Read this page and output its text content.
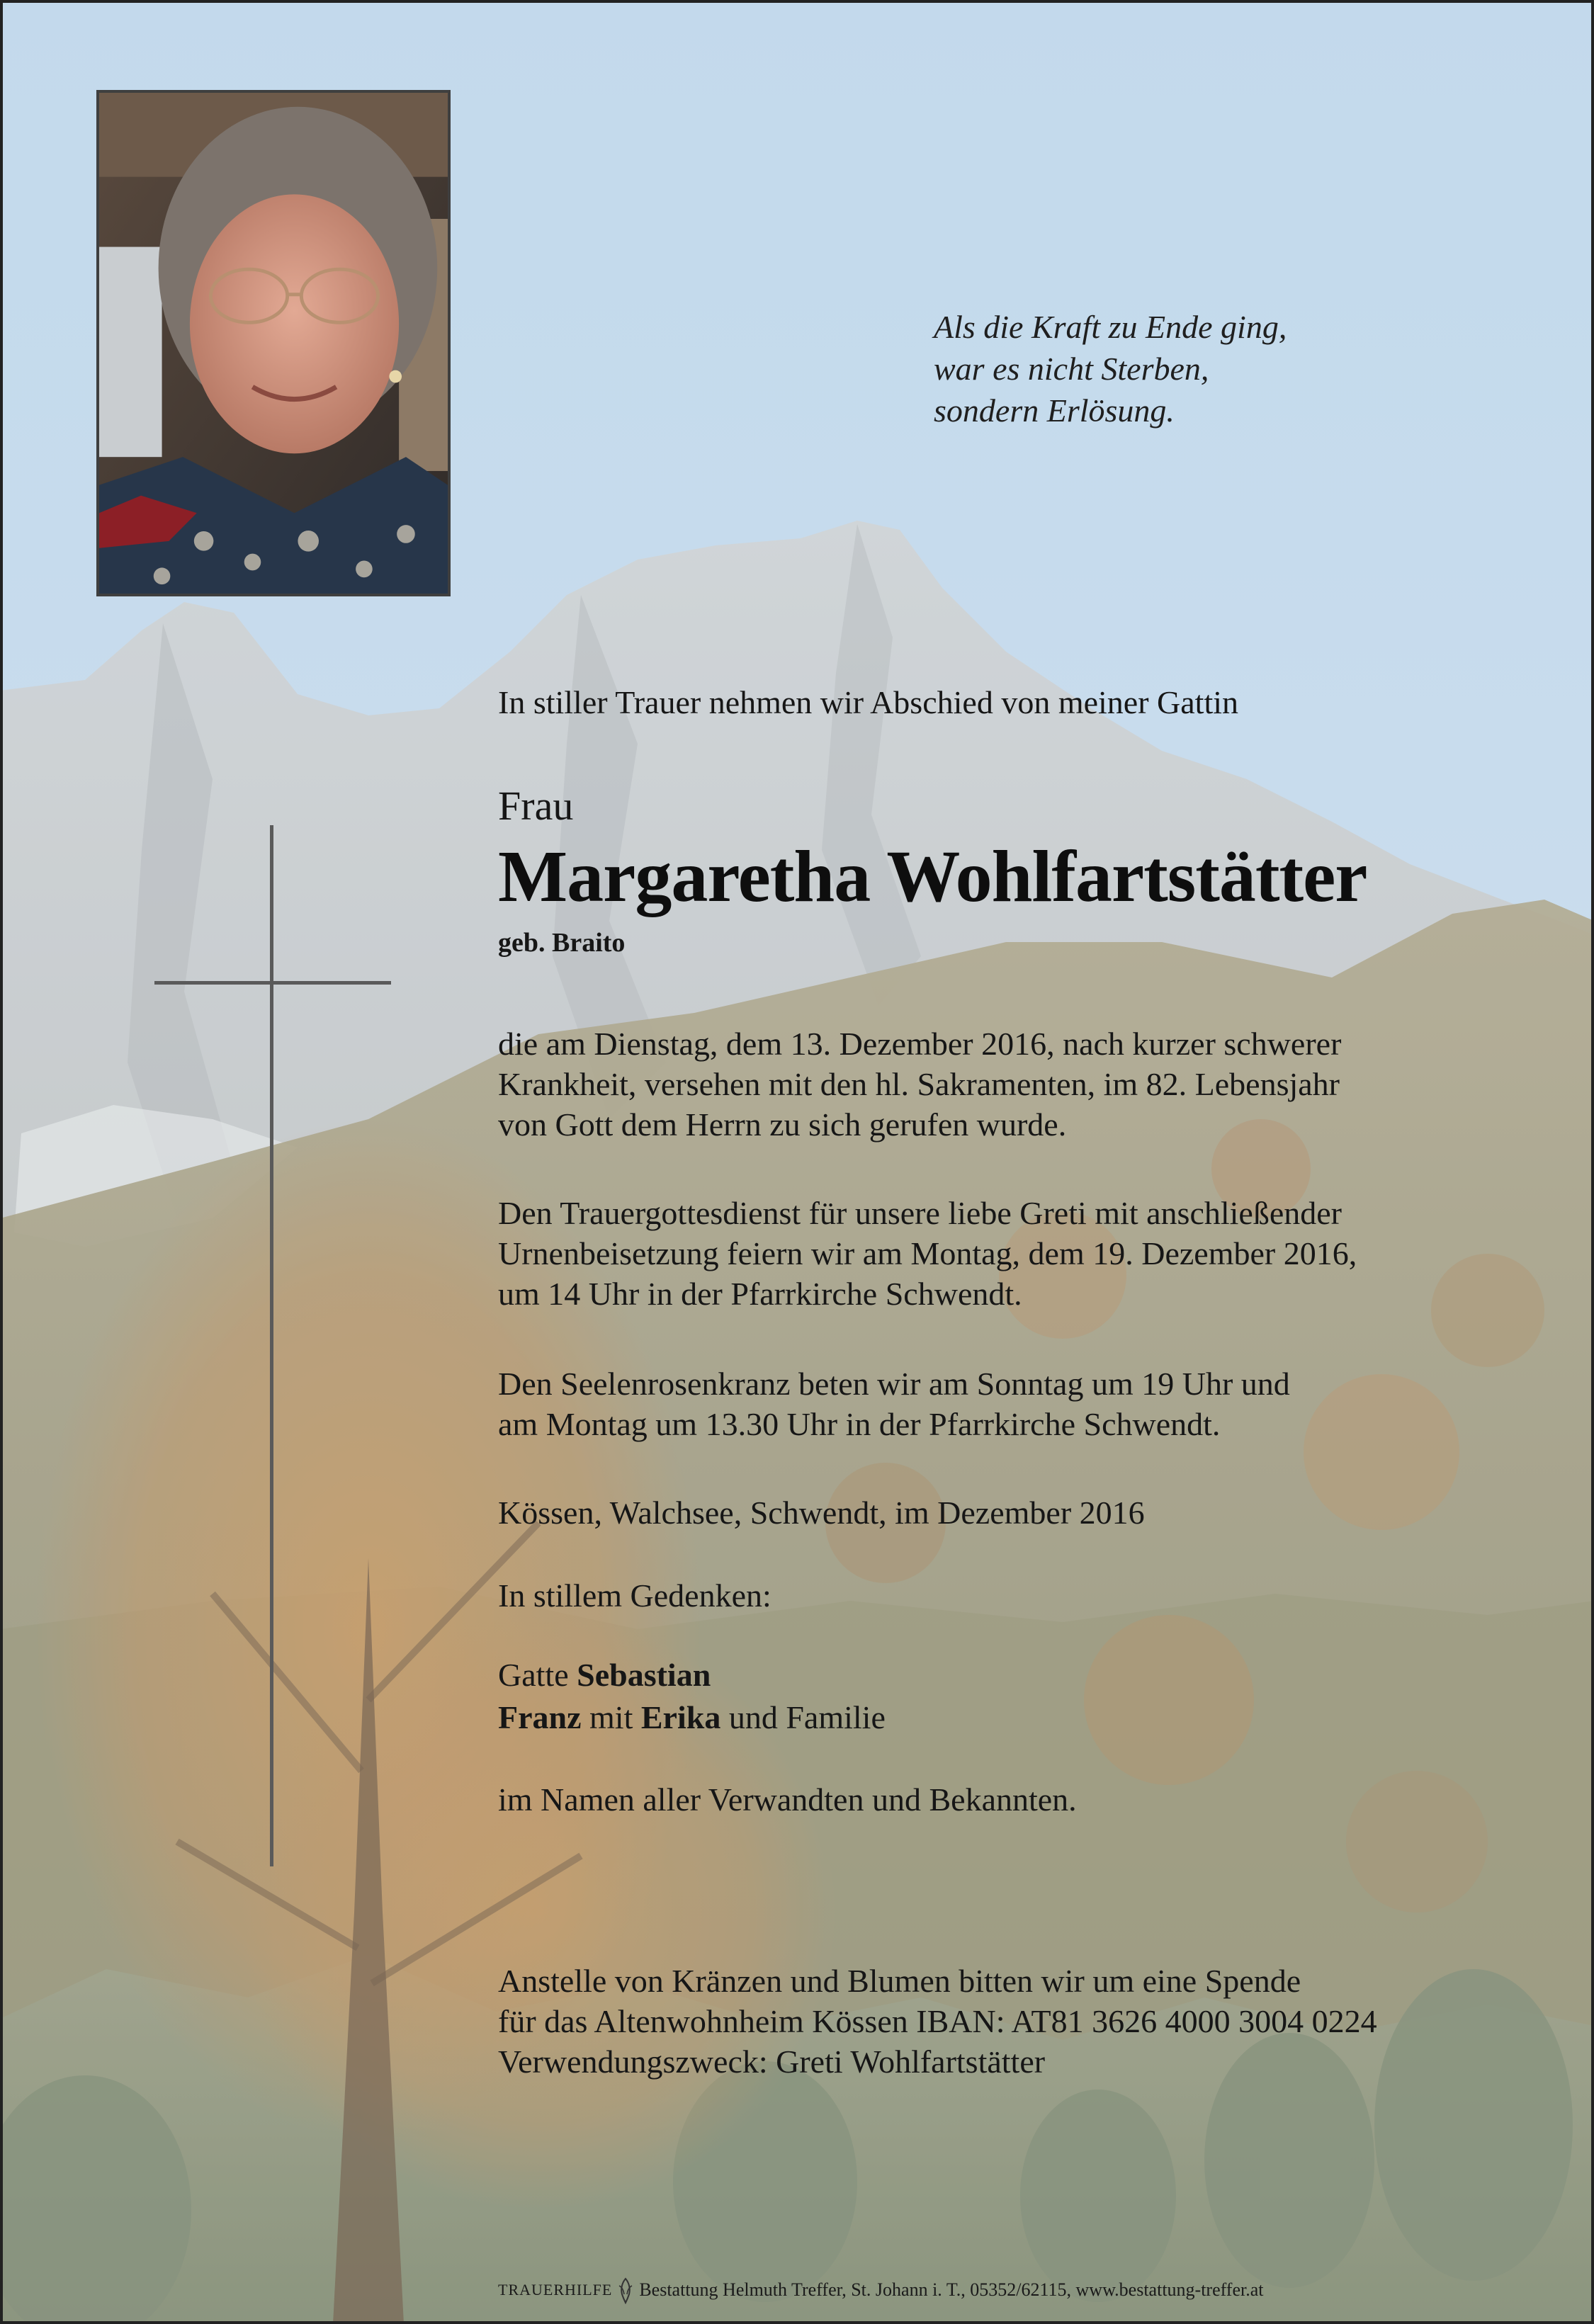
Als die Kraft zu Ende ging,
war es nicht Sterben,
sondern Erlösung.
In stiller Trauer nehmen wir Abschied von meiner Gattin
Frau
Margaretha Wohlfartstätter
geb. Braito
die am Dienstag, dem 13. Dezember 2016, nach kurzer schwerer
Krankheit, versehen mit den hl. Sakramenten, im 82. Lebensjahr
von Gott dem Herrn zu sich gerufen wurde.
Den Trauergottesdienst für unsere liebe Greti mit anschließender
Urnenbeisetzung feiern wir am Montag, dem 19. Dezember 2016,
um 14 Uhr in der Pfarrkirche Schwendt.
Den Seelenrosenkranz beten wir am Sonntag um 19 Uhr und
am Montag um 13.30 Uhr in der Pfarrkirche Schwendt.
Kössen, Walchsee, Schwendt, im Dezember 2016
In stillem Gedenken:
Gatte Sebastian
Franz mit Erika und Familie
im Namen aller Verwandten und Bekannten.
Anstelle von Kränzen und Blumen bitten wir um eine Spende
für das Altenwohnheim Kössen IBAN: AT81 3626 4000 3004 0224
Verwendungszweck: Greti Wohlfartstätter
TRAUERHILFE Bestattung Helmuth Treffer, St. Johann i. T., 05352/62115, www.bestattung-treffer.at
